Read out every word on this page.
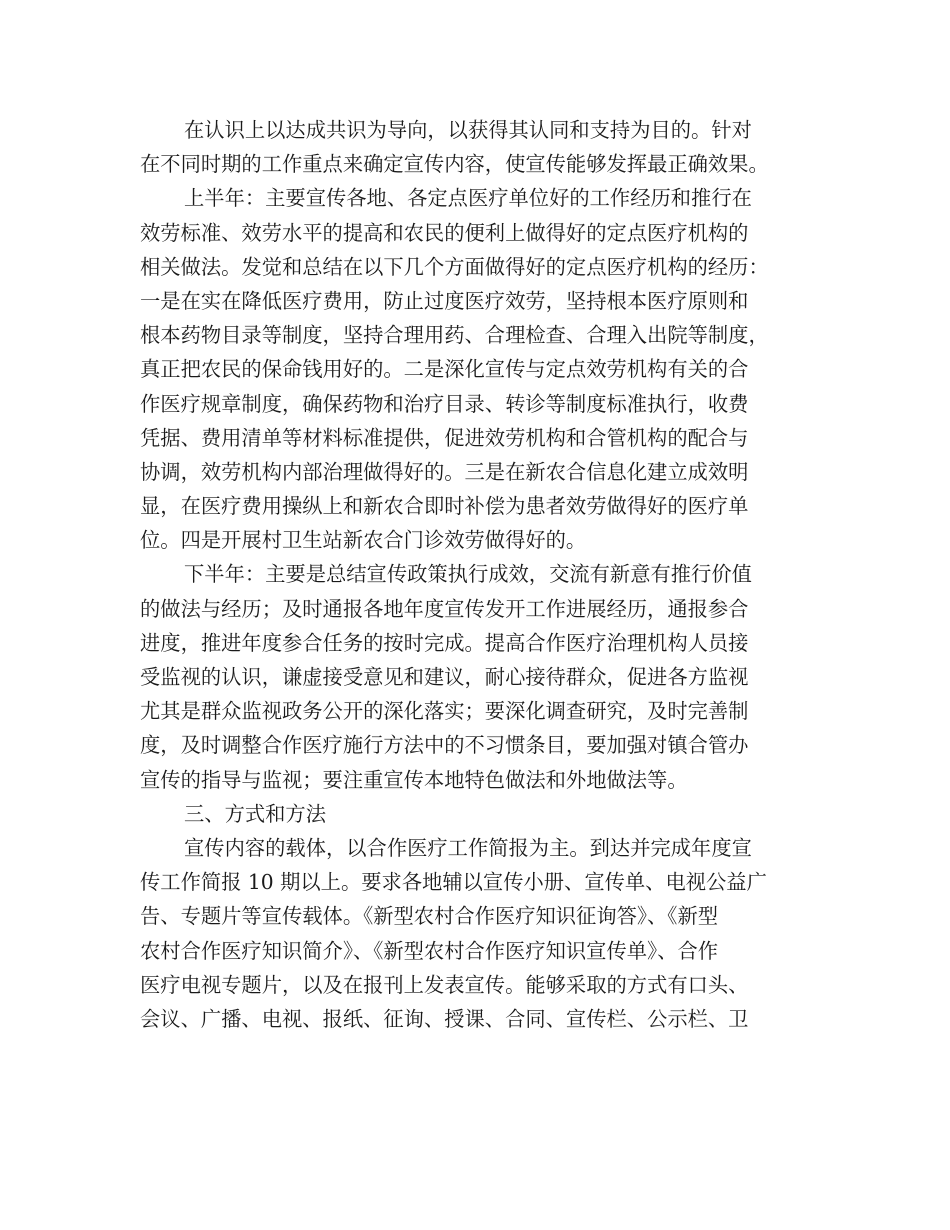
在认识上以达成共识为导向，以获得其认同和支持为目的。针对
在不同时期的工作重点来确定宣传内容，使宣传能够发挥最正确效果。
上半年：主要宣传各地、各定点医疗单位好的工作经历和推行在
效劳标准、效劳水平的提高和农民的便利上做得好的定点医疗机构的
相关做法。发觉和总结在以下几个方面做得好的定点医疗机构的经历：
一是在实在降低医疗费用，防止过度医疗效劳，坚持根本医疗原则和
根本药物目录等制度，坚持合理用药、合理检查、合理入出院等制度，
真正把农民的保命钱用好的。二是深化宣传与定点效劳机构有关的合
作医疗规章制度，确保药物和治疗目录、转诊等制度标准执行，收费
凭据、费用清单等材料标准提供，促进效劳机构和合管机构的配合与
协调，效劳机构内部治理做得好的。三是在新农合信息化建立成效明
显，在医疗费用操纵上和新农合即时补偿为患者效劳做得好的医疗单
位。四是开展村卫生站新农合门诊效劳做得好的。
下半年：主要是总结宣传政策执行成效，交流有新意有推行价值
的做法与经历；及时通报各地年度宣传发开工作进展经历，通报参合
进度，推进年度参合任务的按时完成。提高合作医疗治理机构人员接
受监视的认识，谦虚接受意见和建议，耐心接待群众，促进各方监视
尤其是群众监视政务公开的深化落实；要深化调查研究，及时完善制
度，及时调整合作医疗施行方法中的不习惯条目，要加强对镇合管办
宣传的指导与监视；要注重宣传本地特色做法和外地做法等。
三、方式和方法
宣传内容的载体，以合作医疗工作简报为主。到达并完成年度宣
传工作简报 10 期以上。要求各地辅以宣传小册、宣传单、电视公益广
告、专题片等宣传载体。《新型农村合作医疗知识征询答》、《新型
农村合作医疗知识简介》、《新型农村合作医疗知识宣传单》、合作
医疗电视专题片，以及在报刊上发表宣传。能够采取的方式有口头、
会议、广播、电视、报纸、征询、授课、合同、宣传栏、公示栏、卫
